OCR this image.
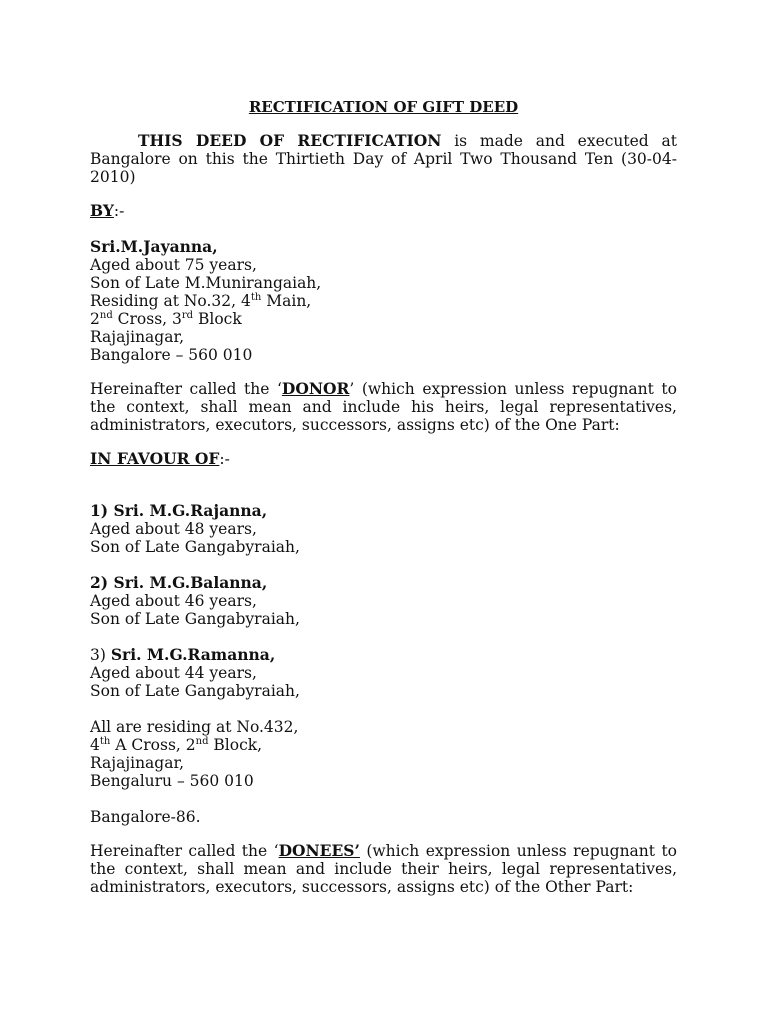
RECTIFICATION OF GIFT DEED

THIS DEED OF RECTIFICATION is made and executed at Bangalore on this the Thirtieth Day of April Two Thousand Ten (30-04-2010)

BY:-

Sri.M.Jayanna,
Aged about 75 years,
Son of Late M.Munirangaiah,
Residing at No.32, 4th Main,
2nd Cross, 3rd Block
Rajajinagar,
Bangalore – 560 010

Hereinafter called the ‘DONOR’ (which expression unless repugnant to the context, shall mean and include his heirs, legal representatives, administrators, executors, successors, assigns etc) of the One Part:

IN FAVOUR OF:-

1) Sri. M.G.Rajanna,
Aged about 48 years,
Son of Late Gangabyraiah,
2) Sri. M.G.Balanna,
Aged about 46 years,
Son of Late Gangabyraiah,
3) Sri. M.G.Ramanna,
Aged about 44 years,
Son of Late Gangabyraiah,
All are residing at No.432,
4th A Cross, 2nd Block,
Rajajinagar,
Bengaluru – 560 010
Bangalore-86.

Hereinafter called the ‘DONEES’ (which expression unless repugnant to the context, shall mean and include their heirs, legal representatives, administrators, executors, successors, assigns etc) of the Other Part:
